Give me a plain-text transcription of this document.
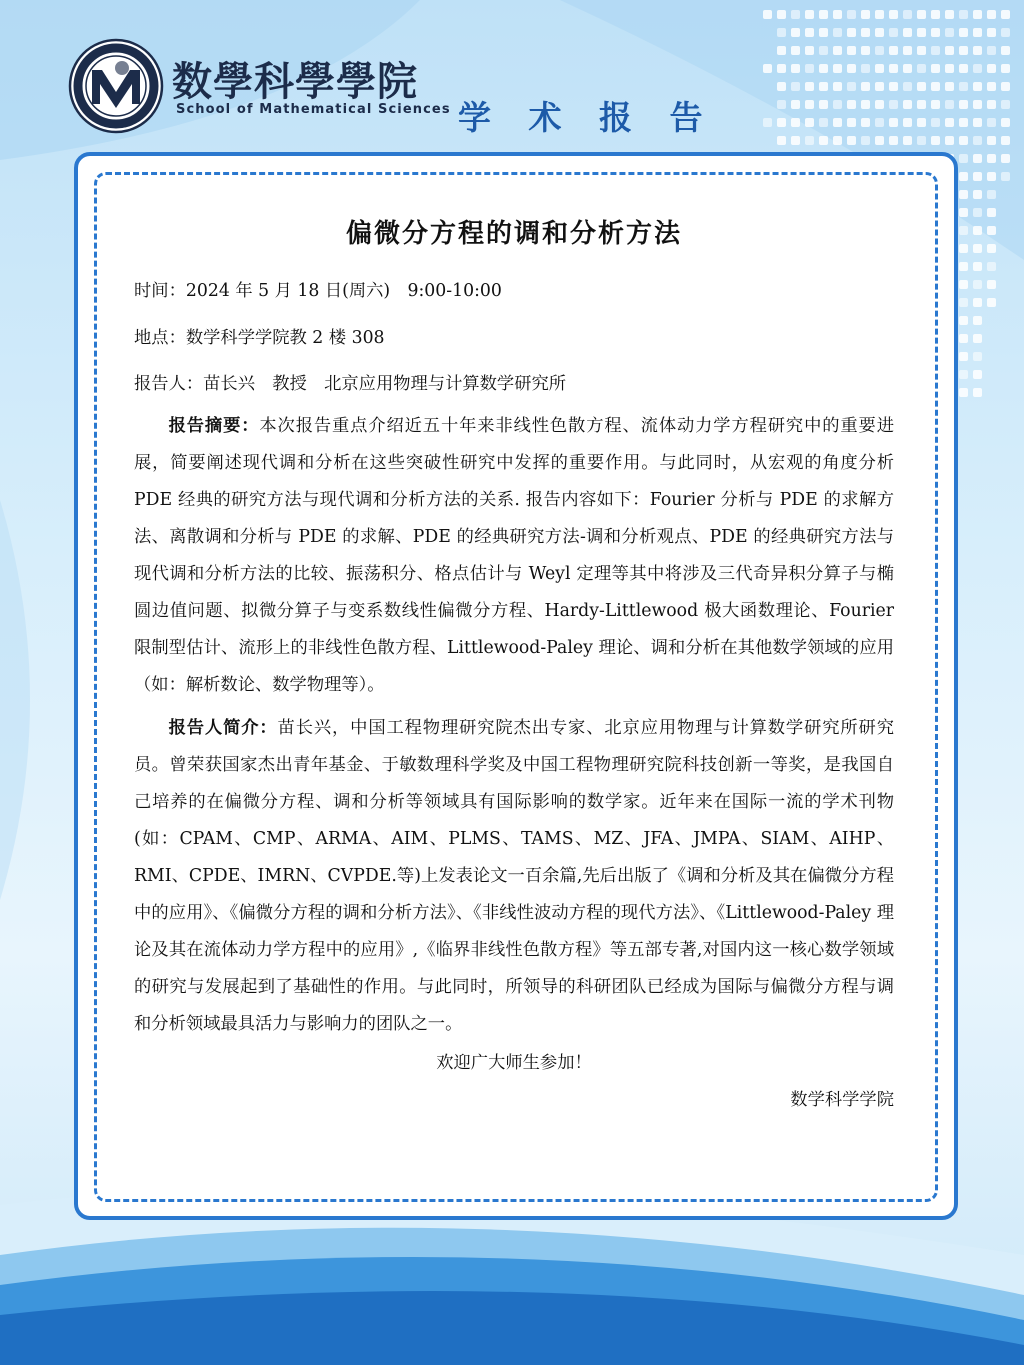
数學科學學院
School of Mathematical Sciences 学 术 报 告
偏微分方程的调和分析方法

时间：2024 年 5 月 18 日(周六)　9:00-10:00

地点：数学科学学院教 2 楼 308

报告人：苗长兴　教授　北京应用物理与计算数学研究所

报告摘要：本次报告重点介绍近五十年来非线性色散方程、流体动力学方程研究中的重要进展，简要阐述现代调和分析在这些突破性研究中发挥的重要作用。与此同时，从宏观的角度分析 PDE 经典的研究方法与现代调和分析方法的关系. 报告内容如下：Fourier 分析与 PDE 的求解方法、离散调和分析与 PDE 的求解、PDE 的经典研究方法-调和分析观点、PDE 的经典研究方法与现代调和分析方法的比较、振荡积分、格点估计与 Weyl 定理等其中将涉及三代奇异积分算子与椭圆边值问题、拟微分算子与变系数线性偏微分方程、Hardy-Littlewood 极大函数理论、Fourier 限制型估计、流形上的非线性色散方程、Littlewood-Paley 理论、调和分析在其他数学领域的应用（如：解析数论、数学物理等）。

报告人简介：苗长兴，中国工程物理研究院杰出专家、北京应用物理与计算数学研究所研究员。曾荣获国家杰出青年基金、于敏数理科学奖及中国工程物理研究院科技创新一等奖，是我国自己培养的在偏微分方程、调和分析等领域具有国际影响的数学家。近年来在国际一流的学术刊物(如：CPAM、CMP、ARMA、AIM、PLMS、TAMS、MZ、JFA、JMPA、SIAM、AIHP、RMI、CPDE、IMRN、CVPDE.等)上发表论文一百余篇,先后出版了《调和分析及其在偏微分方程中的应用》、《偏微分方程的调和分析方法》、《非线性波动方程的现代方法》、《Littlewood-Paley 理论及其在流体动力学方程中的应用》,《临界非线性色散方程》等五部专著,对国内这一核心数学领域的研究与发展起到了基础性的作用。与此同时，所领导的科研团队已经成为国际与偏微分方程与调和分析领域最具活力与影响力的团队之一。

欢迎广大师生参加！

数学科学学院
